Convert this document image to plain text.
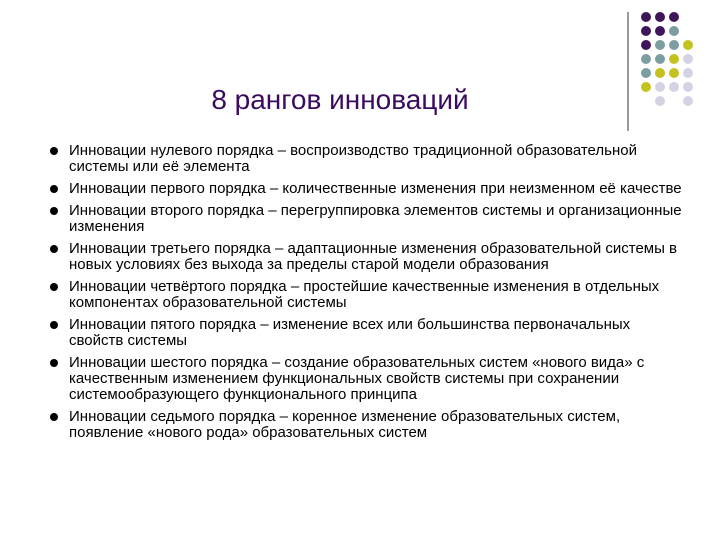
8 рангов инноваций
Инновации нулевого порядка – воспроизводство традиционной образовательной системы или её элемента
Инновации первого порядка – количественные изменения при неизменном её качестве
Инновации второго порядка – перегруппировка элементов системы и организационные изменения
Инновации третьего порядка – адаптационные изменения образовательной системы в новых условиях без выхода за пределы старой модели образования
Инновации четвёртого порядка – простейшие качественные изменения в отдельных компонентах образовательной системы
Инновации пятого порядка – изменение всех или большинства первоначальных свойств системы
Инновации шестого порядка – создание образовательных систем «нового вида» с качественным изменением функциональных свойств системы при сохранении системообразующего функционального принципа
Инновации седьмого порядка – коренное изменение образовательных систем, появление «нового рода» образовательных систем
